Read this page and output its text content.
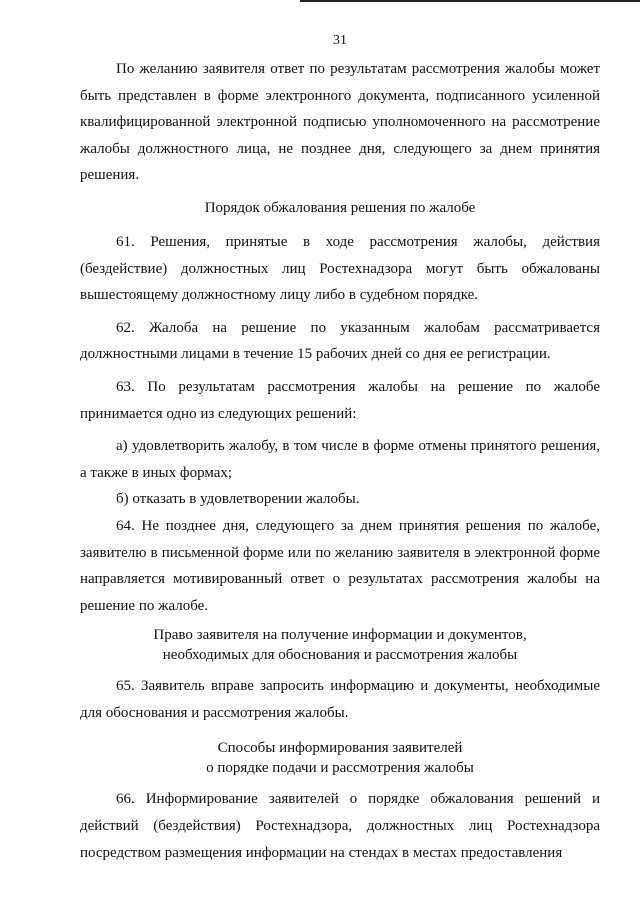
31

По желанию заявителя ответ по результатам рассмотрения жалобы может быть представлен в форме электронного документа, подписанного усиленной квалифицированной электронной подписью уполномоченного на рассмотрение жалобы должностного лица, не позднее дня, следующего за днем принятия решения.

Порядок обжалования решения по жалобе

61. Решения, принятые в ходе рассмотрения жалобы, действия (бездействие) должностных лиц Ростехнадзора могут быть обжалованы вышестоящему должностному лицу либо в судебном порядке.

62. Жалоба на решение по указанным жалобам рассматривается должностными лицами в течение 15 рабочих дней со дня ее регистрации.

63. По результатам рассмотрения жалобы на решение по жалобе принимается одно из следующих решений:

а) удовлетворить жалобу, в том числе в форме отмены принятого решения, а также в иных формах;

б) отказать в удовлетворении жалобы.

64. Не позднее дня, следующего за днем принятия решения по жалобе, заявителю в письменной форме или по желанию заявителя в электронной форме направляется мотивированный ответ о результатах рассмотрения жалобы на решение по жалобе.

Право заявителя на получение информации и документов,
необходимых для обоснования и рассмотрения жалобы

65. Заявитель вправе запросить информацию и документы, необходимые для обоснования и рассмотрения жалобы.

Способы информирования заявителей
о порядке подачи и рассмотрения жалобы

66. Информирование заявителей о порядке обжалования решений и действий (бездействия) Ростехнадзора, должностных лиц Ростехнадзора посредством размещения информации на стендах в местах предоставления
